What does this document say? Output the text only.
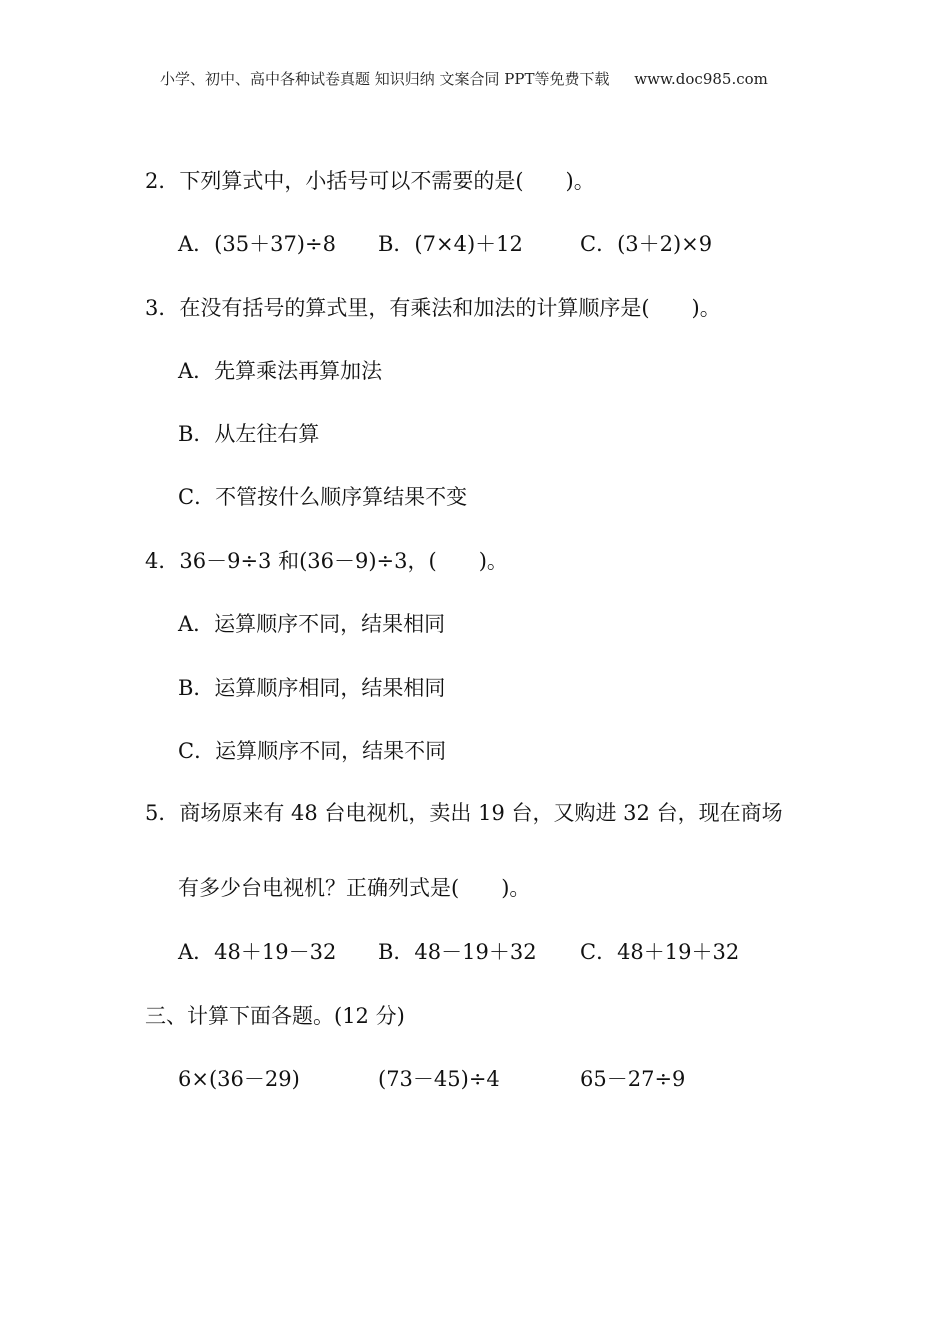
小学、初中、高中各种试卷真题 知识归纳 文案合同 PPT等免费下载 www.doc985.com
2．下列算式中，小括号可以不需要的是(　　)。
A．(35＋37)÷8 B．(7×4)＋12	C．(3＋2)×9
3．在没有括号的算式里，有乘法和加法的计算顺序是(　　)。
A．先算乘法再算加法
B．从左往右算
C．不管按什么顺序算结果不变
4．36－9÷3 和(36－9)÷3，(　　)。
A．运算顺序不同，结果相同
B．运算顺序相同，结果相同
C．运算顺序不同，结果不同
5．商场原来有 48 台电视机，卖出 19 台，又购进 32 台，现在商场
有多少台电视机？正确列式是(　　)。
A．48＋19－32 B．48－19＋32 C．48＋19＋32
三、计算下面各题。(12 分)
6×(36－29)	(73－45)÷4	65－27÷9
